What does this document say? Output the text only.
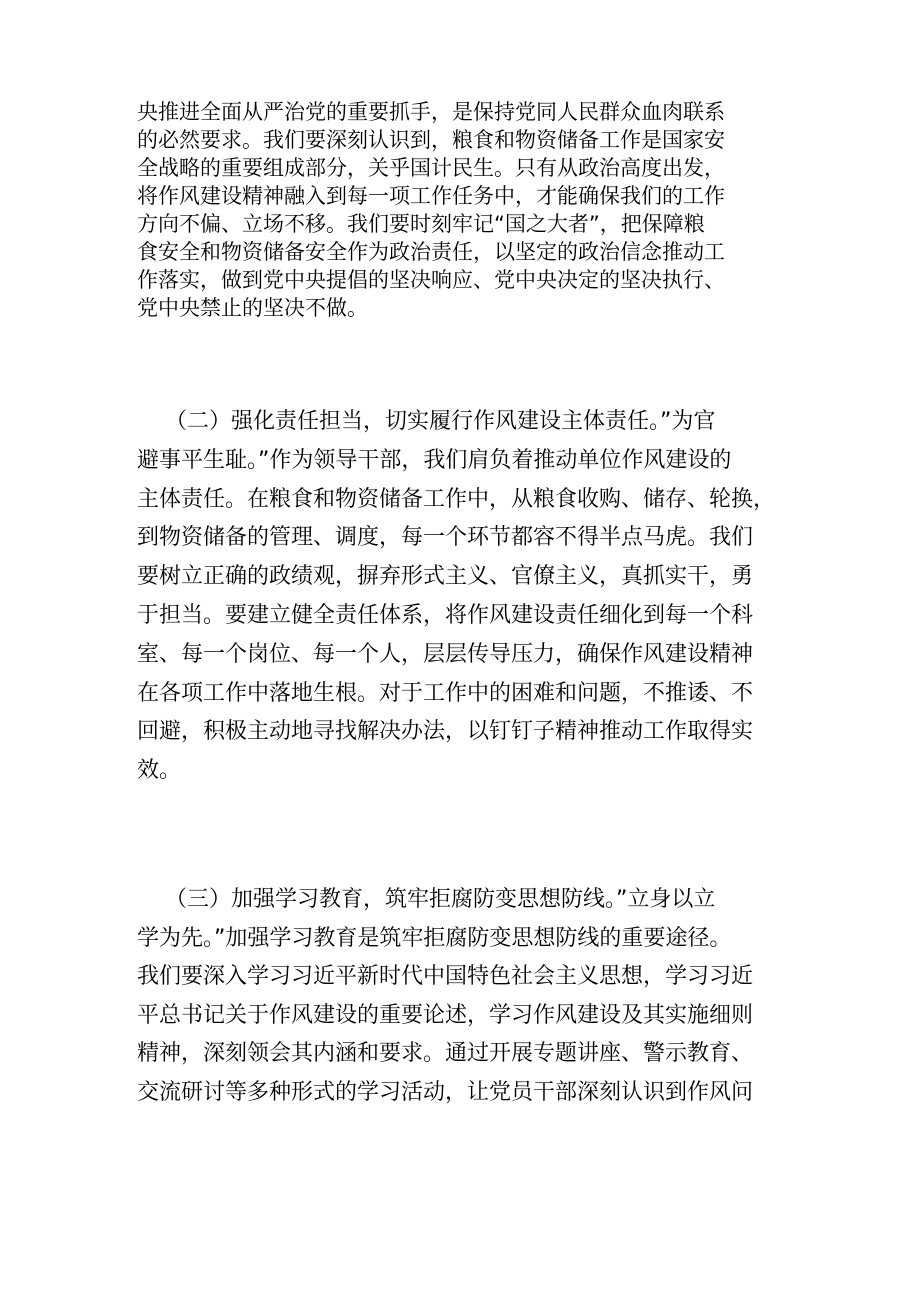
央推进全面从严治党的重要抓手，是保持党同人民群众血肉联系
的必然要求。我们要深刻认识到，粮食和物资储备工作是国家安
全战略的重要组成部分，关乎国计民生。只有从政治高度出发，
将作风建设精神融入到每一项工作任务中，才能确保我们的工作
方向不偏、立场不移。我们要时刻牢记“国之大者”，把保障粮
食安全和物资储备安全作为政治责任，以坚定的政治信念推动工
作落实，做到党中央提倡的坚决响应、党中央决定的坚决执行、
党中央禁止的坚决不做。
（二）强化责任担当，切实履行作风建设主体责任。”为官
避事平生耻。”作为领导干部，我们肩负着推动单位作风建设的
主体责任。在粮食和物资储备工作中，从粮食收购、储存、轮换，
到物资储备的管理、调度，每一个环节都容不得半点马虎。我们
要树立正确的政绩观，摒弃形式主义、官僚主义，真抓实干，勇
于担当。要建立健全责任体系，将作风建设责任细化到每一个科
室、每一个岗位、每一个人，层层传导压力，确保作风建设精神
在各项工作中落地生根。对于工作中的困难和问题，不推诿、不
回避，积极主动地寻找解决办法，以钉钉子精神推动工作取得实
效。
（三）加强学习教育，筑牢拒腐防变思想防线。”立身以立
学为先。”加强学习教育是筑牢拒腐防变思想防线的重要途径。
我们要深入学习习近平新时代中国特色社会主义思想，学习习近
平总书记关于作风建设的重要论述，学习作风建设及其实施细则
精神，深刻领会其内涵和要求。通过开展专题讲座、警示教育、
交流研讨等多种形式的学习活动，让党员干部深刻认识到作风问
